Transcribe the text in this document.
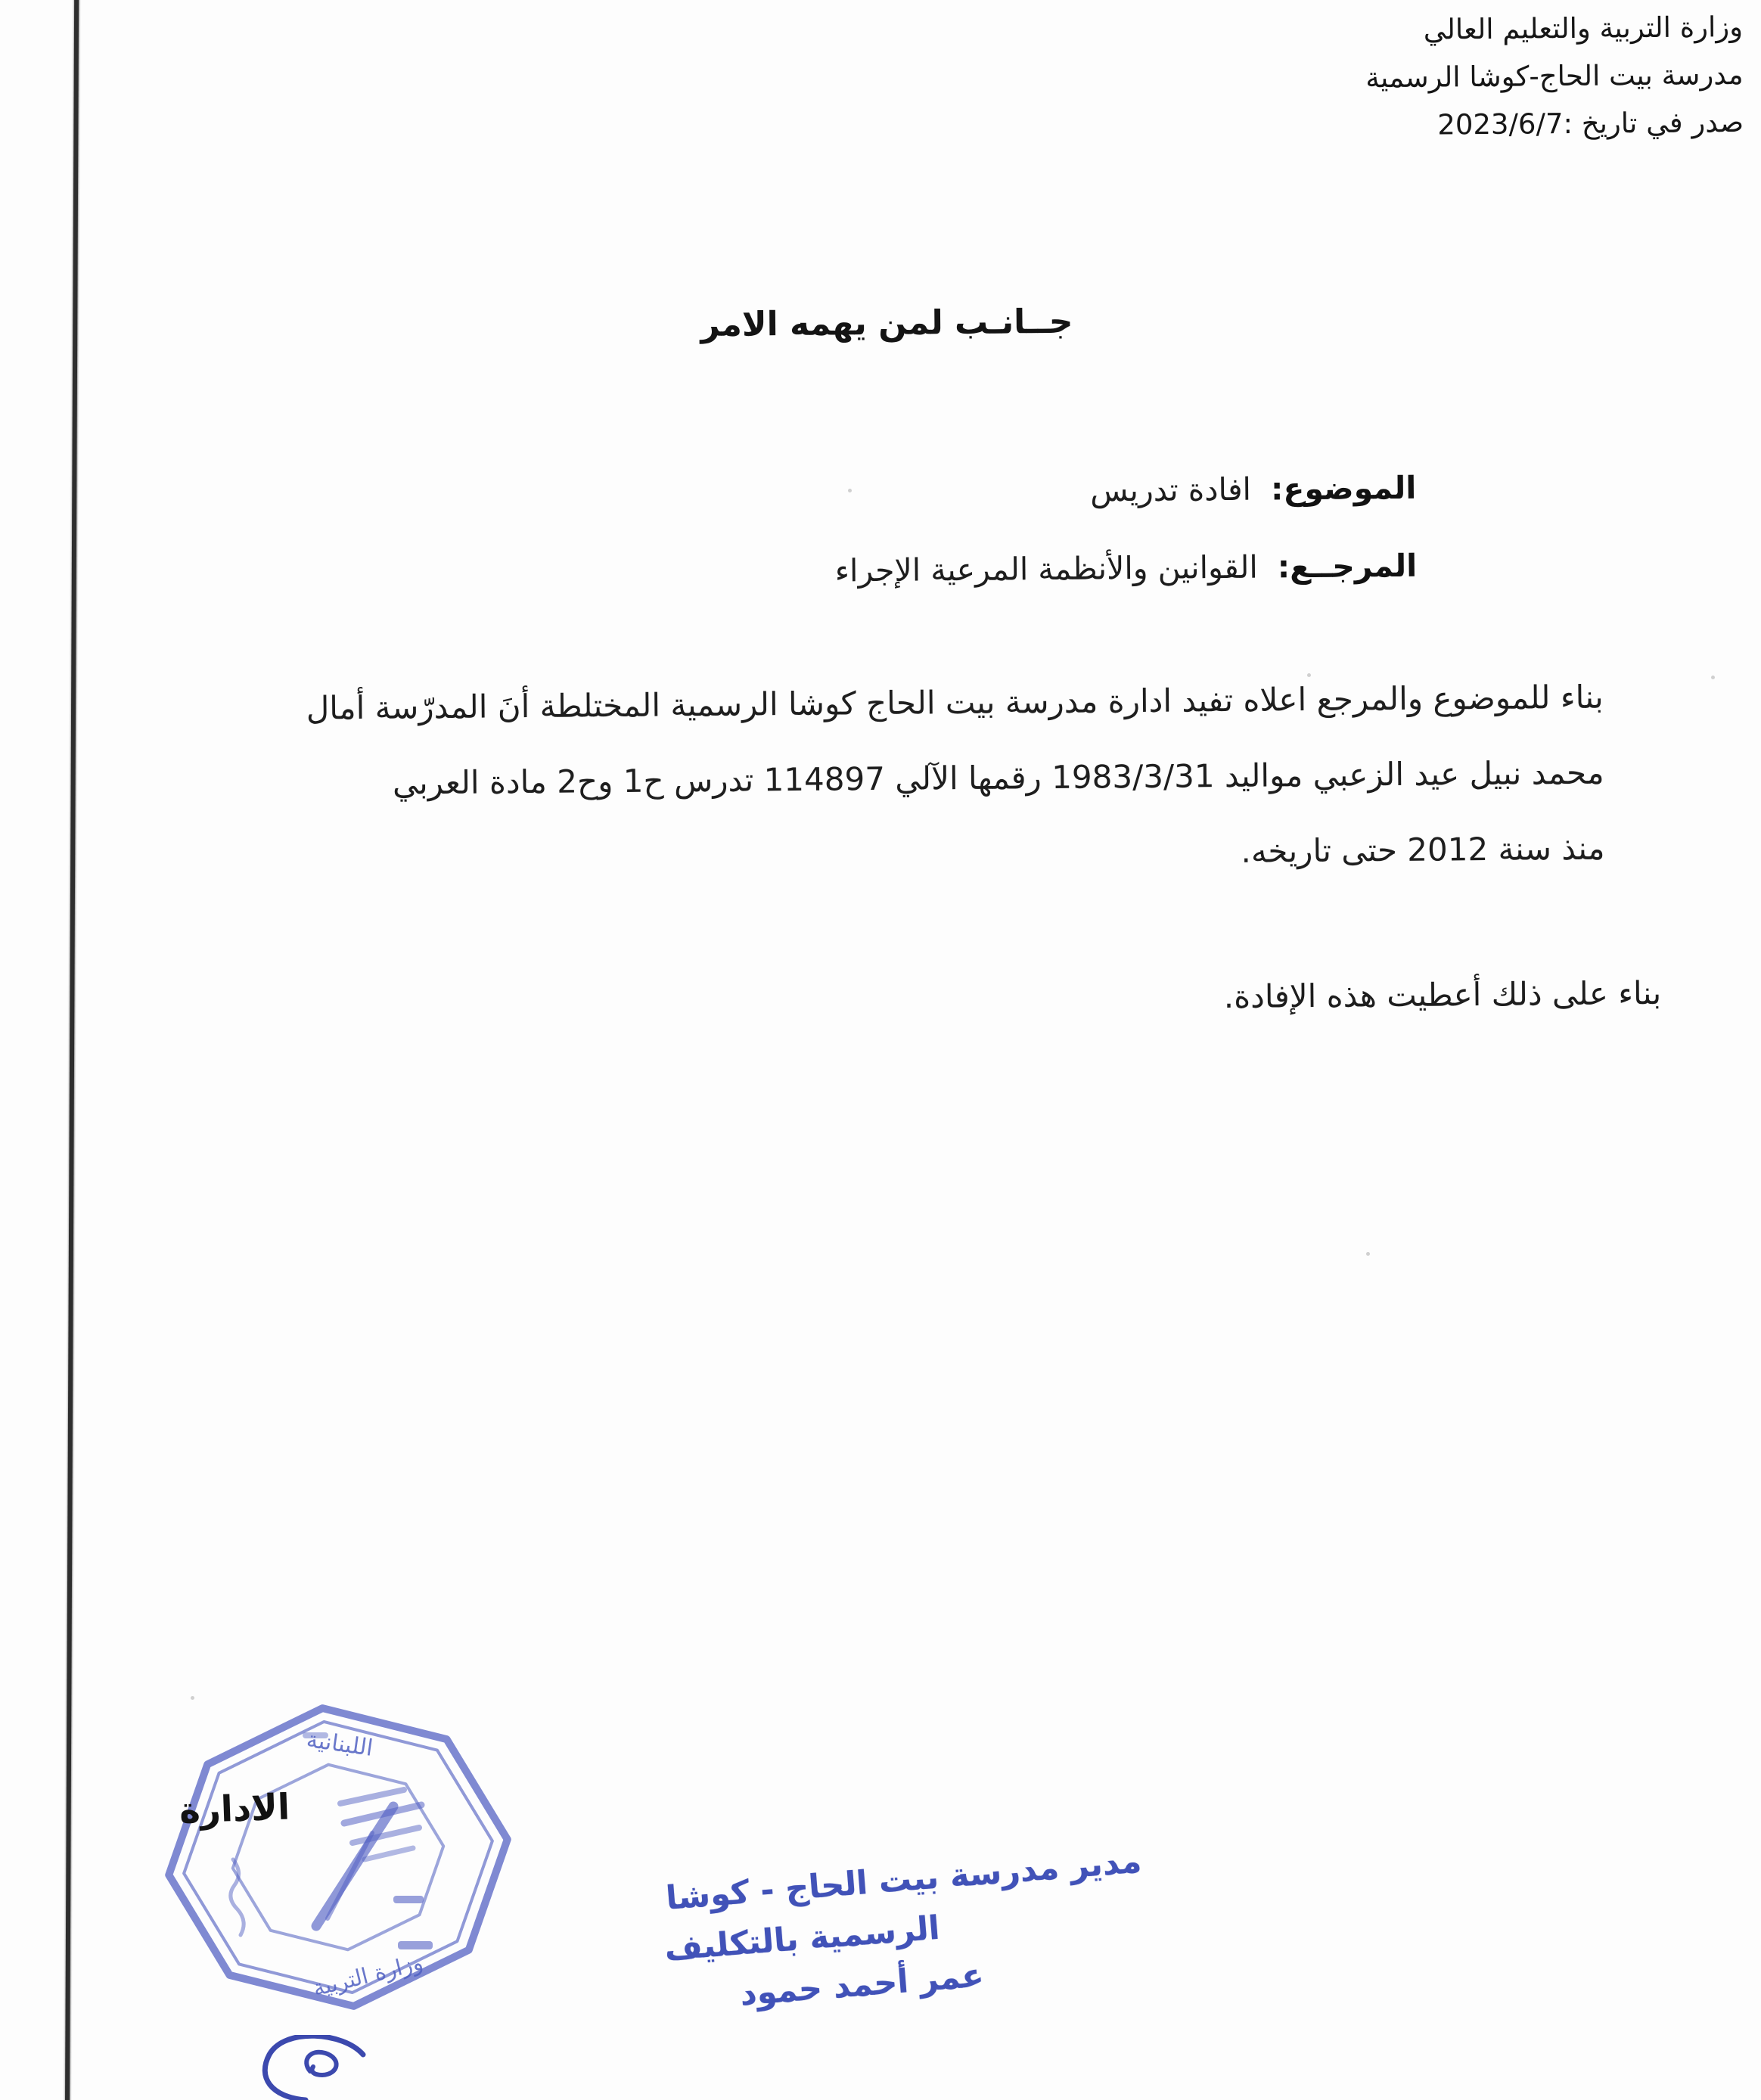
وزارة التربية والتعليم العالي
مدرسة بيت الحاج-كوشا الرسمية
صدر في تاريخ :2023/6/7
جــانـب لمن يهمه الامر
الموضوع:افادة تدريس
المرجــع:القوانين والأنظمة المرعية الإجراء
بناء للموضوع والمرجع اعلاه تفيد ادارة مدرسة بيت الحاج كوشا الرسمية المختلطة أنَ المدرّسة أمال
محمد نبيل عيد الزعبي مواليد 1983/3/31 رقمها الآلي 114897 تدرس ح1 وح2 مادة العربي
منذ سنة 2012 حتى تاريخه.
بناء على ذلك أعطيت هذه الإفادة.
مدير مدرسة بيت الحاج - كوشا
الرسمية بالتكليف
عمر أحمد حمود
اللبنانية
وزارة التربية
الادارة
